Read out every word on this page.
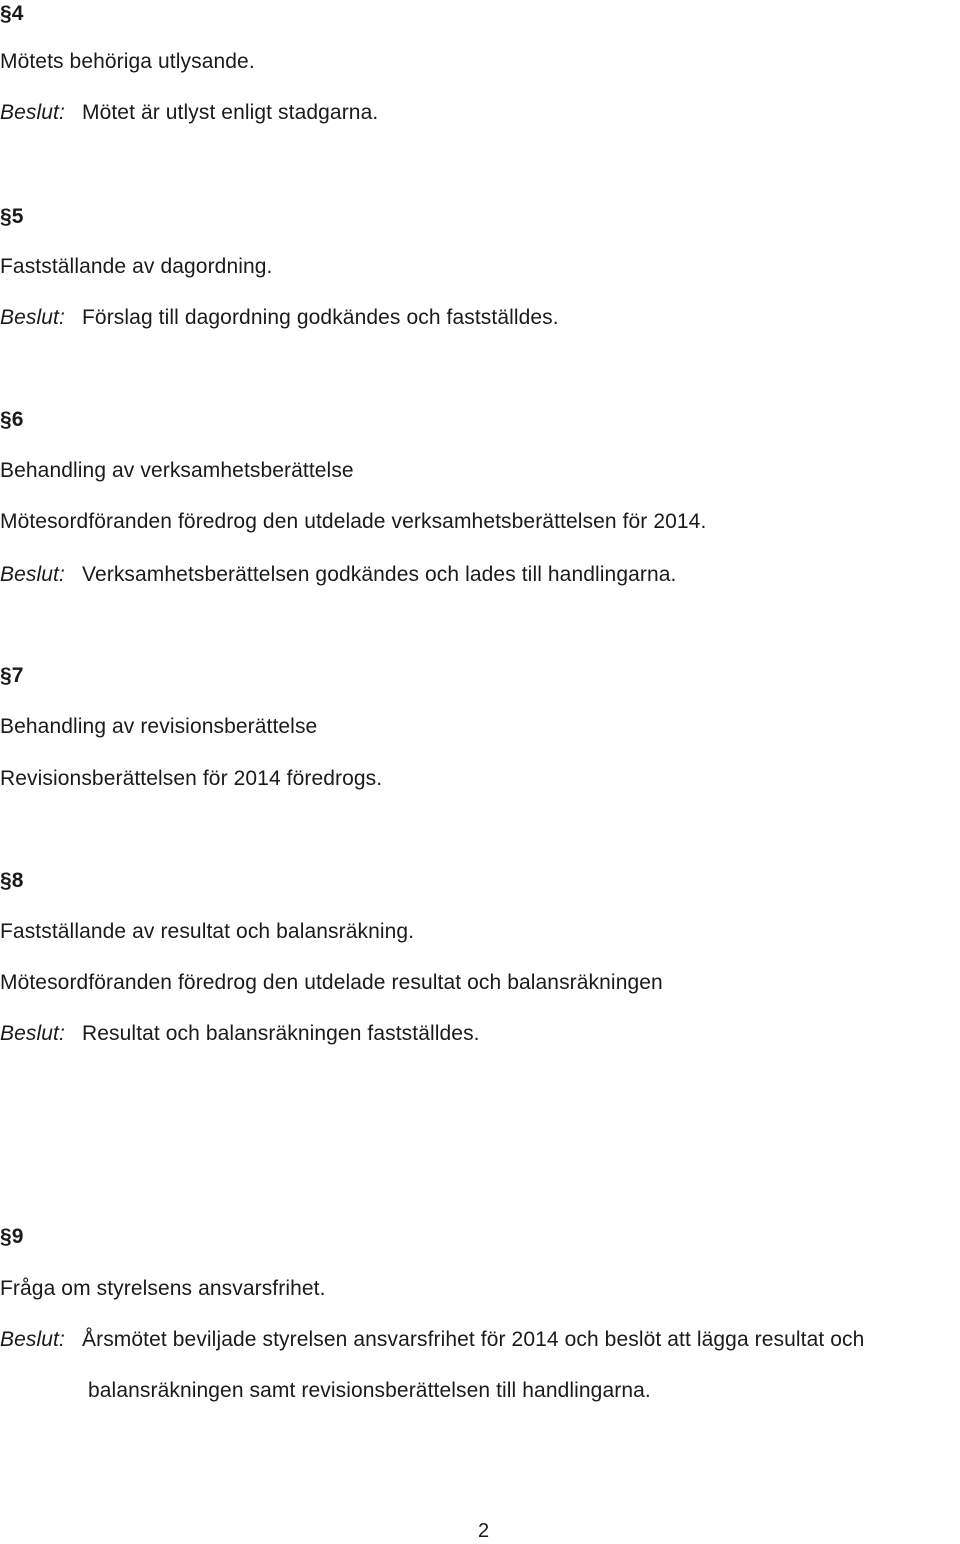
§4
Mötets behöriga utlysande.
Beslut: Mötet är utlyst enligt stadgarna.
§5
Fastställande av dagordning.
Beslut: Förslag till dagordning godkändes och fastställdes.
§6
Behandling av verksamhetsberättelse
Mötesordföranden föredrog den utdelade verksamhetsberättelsen för 2014.
Beslut: Verksamhetsberättelsen godkändes och lades till handlingarna.
§7
Behandling av revisionsberättelse
Revisionsberättelsen för 2014 föredrogs.
§8
Fastställande av resultat och balansräkning.
Mötesordföranden föredrog den utdelade resultat och balansräkningen
Beslut: Resultat och balansräkningen fastställdes.
§9
Fråga om styrelsens ansvarsfrihet.
Beslut: Årsmötet beviljade styrelsen ansvarsfrihet för 2014 och beslöt att lägga resultat och
balansräkningen samt revisionsberättelsen till handlingarna.
2
